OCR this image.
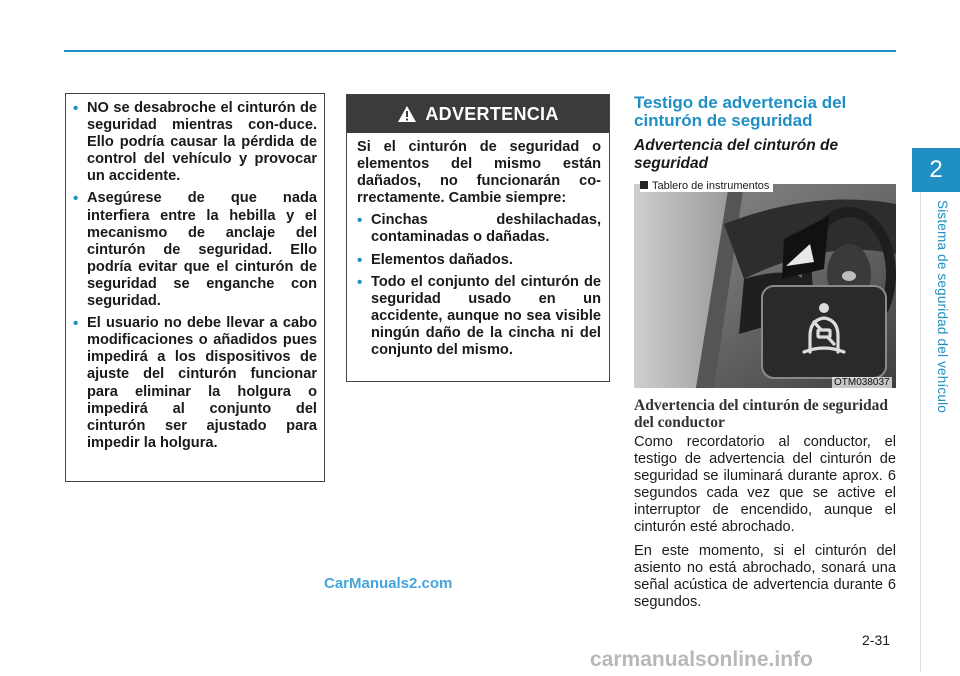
2
Sistema de seguridad del vehículo
• NO se desabroche el cinturón de seguridad mientras con-duce. Ello podría causar la pérdida de control del vehículo y provocar un accidente.
• Asegúrese de que nada interfiera entre la hebilla y el mecanismo de anclaje del cinturón de seguridad. Ello podría evitar que el cinturón de seguridad se enganche con seguridad.
• El usuario no debe llevar a cabo modificaciones o añadidos pues impedirá a los dispositivos de ajuste del cinturón funcionar para eliminar la holgura o impedirá al conjunto del cinturón ser ajustado para impedir la holgura.
ADVERTENCIA

Si el cinturón de seguridad o elementos del mismo están dañados, no funcionarán co-rrectamente. Cambie siempre:

• Cinchas deshilachadas, contaminadas o dañadas.
• Elementos dañados.
• Todo el conjunto del cinturón de seguridad usado en un accidente, aunque no sea visible ningún daño de la cincha ni del conjunto del mismo.
Testigo de advertencia del cinturón de seguridad
Advertencia del cinturón de seguridad
Tablero de instrumentos
OTM038037
Advertencia del cinturón de seguridad del conductor
Como recordatorio al conductor, el testigo de advertencia del cinturón de seguridad se iluminará durante aprox. 6 segundos cada vez que se active el interruptor de encendido, aunque el cinturón esté abrochado.
En este momento, si el cinturón del asiento no está abrochado, sonará una señal acústica de advertencia durante 6 segundos.
2-31
CarManuals2.com
carmanualsonline.info
